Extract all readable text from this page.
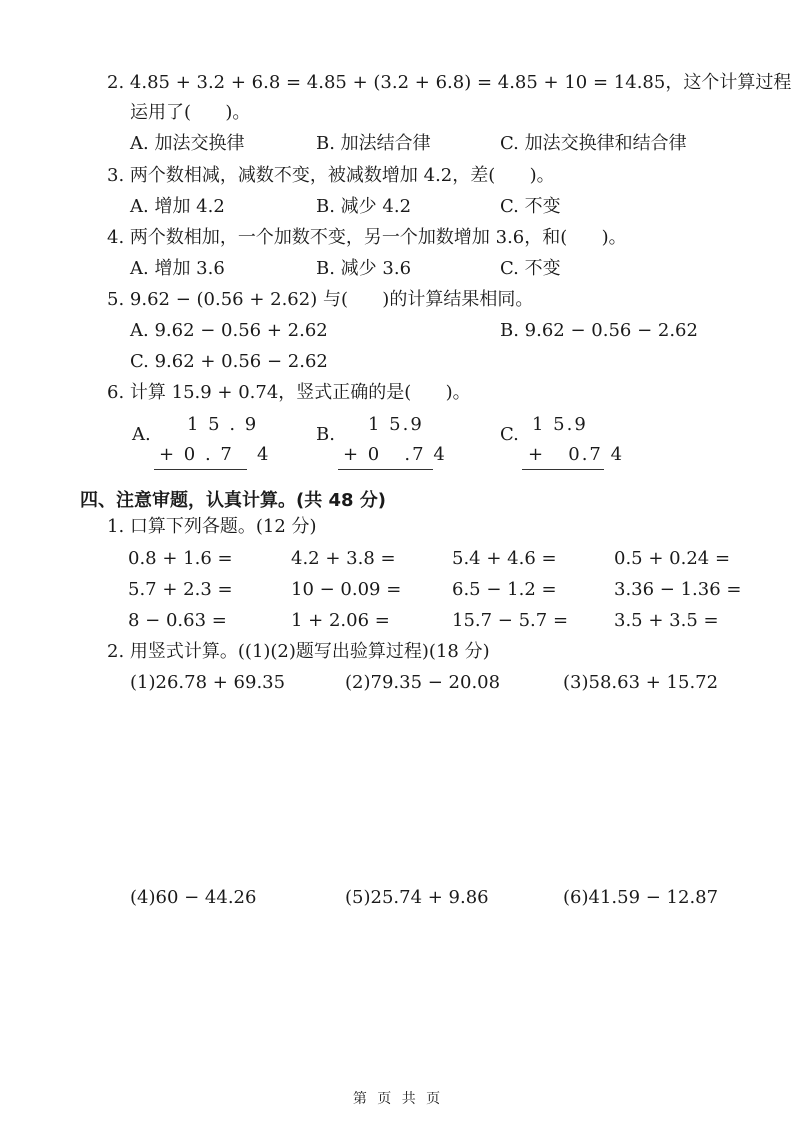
2. 4.85 + 3.2 + 6.8 = 4.85 + (3.2 + 6.8) = 4.85 + 10 = 14.85，这个计算过程
运用了(      )。
A. 加法交换律	B. 加法结合律	C. 加法交换律和结合律
3. 两个数相减，减数不变，被减数增加 4.2，差(      )。
A. 增加 4.2	B. 减少 4.2	C. 不变
4. 两个数相加，一个加数不变，另一个加数增加 3.6，和(      )。
A. 增加 3.6	B. 减少 3.6	C. 不变
5. 9.62 − (0.56 + 2.62) 与(      )的计算结果相同。
A. 9.62 − 0.56 + 2.62	B. 9.62 − 0.56 − 2.62
C. 9.62 + 0.56 − 2.62
6. 计算 15.9 + 0.74，竖式正确的是(      )。
A. 1 5 . 9
+ 0 . 7   4
B. 1 5.9
+ 0   .7 4
C. 1 5.9
+   0.7 4
四、注意审题，认真计算。(共 48 分)
1. 口算下列各题。(12 分)
0.8 + 1.6 =	4.2 + 3.8 =	5.4 + 4.6 =	0.5 + 0.24 =
5.7 + 2.3 =	10 − 0.09 =	6.5 − 1.2 =	3.36 − 1.36 =
8 − 0.63 =	1 + 2.06 =	15.7 − 5.7 =	3.5 + 3.5 =
2. 用竖式计算。((1)(2)题写出验算过程)(18 分)
(1)26.78 + 69.35	(2)79.35 − 20.08	(3)58.63 + 15.72
(4)60 − 44.26	(5)25.74 + 9.86	(6)41.59 − 12.87
第 页 共 页
